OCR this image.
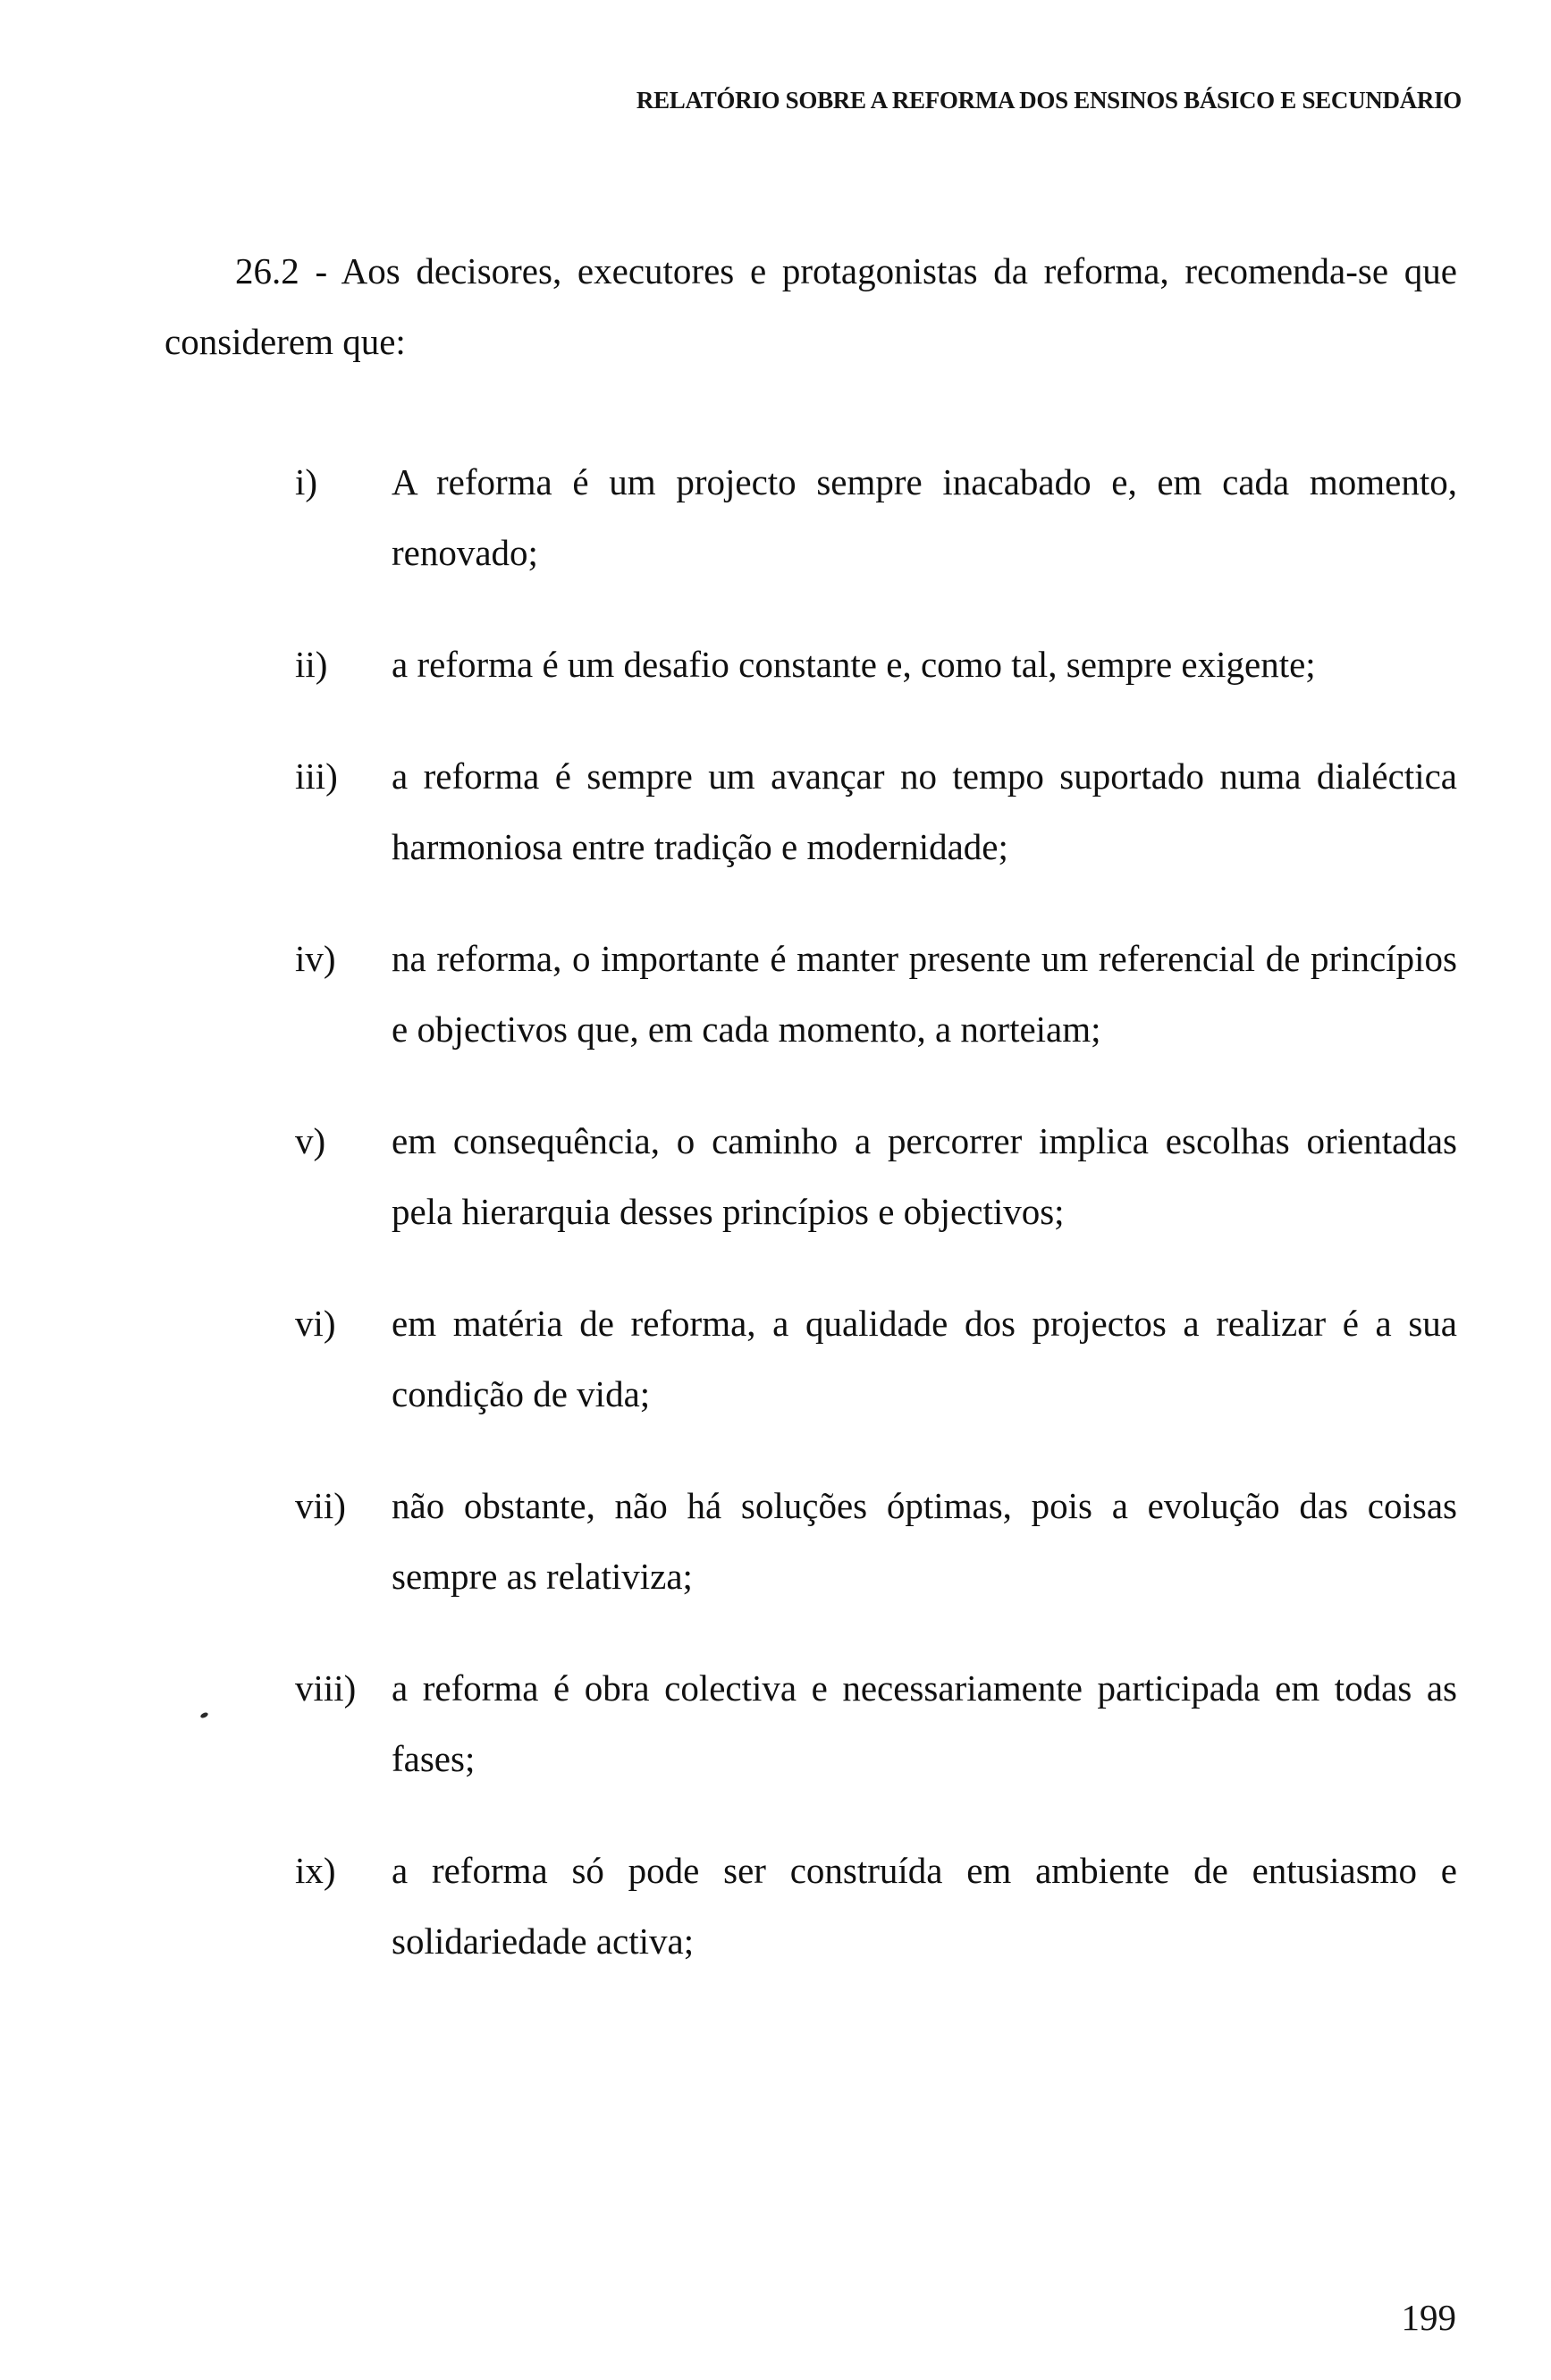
RELATÓRIO SOBRE A REFORMA DOS ENSINOS BÁSICO E SECUNDÁRIO

26.2 - Aos decisores, executores e protagonistas da reforma, recomenda-se que considerem que:

i)	A reforma é um projecto sempre inacabado e, em cada momento, renovado;
ii)	a reforma é um desafio constante e, como tal, sempre exigente;
iii)	a reforma é sempre um avançar no tempo suportado numa dialéctica harmoniosa entre tradição e modernidade;
iv)	na reforma, o importante é manter presente um referencial de princípios e objectivos que, em cada momento, a norteiam;
v)	em consequência, o caminho a percorrer implica escolhas orientadas pela hierarquia desses princípios e objectivos;
vi)	em matéria de reforma, a qualidade dos projectos a realizar é a sua condição de vida;
vii)	não obstante, não há soluções óptimas, pois a evolução das coisas sempre as relativiza;
viii) a reforma é obra colectiva e necessariamente participada em todas as fases;
ix)	a reforma só pode ser construída em ambiente de entusiasmo e solidariedade activa;
199
